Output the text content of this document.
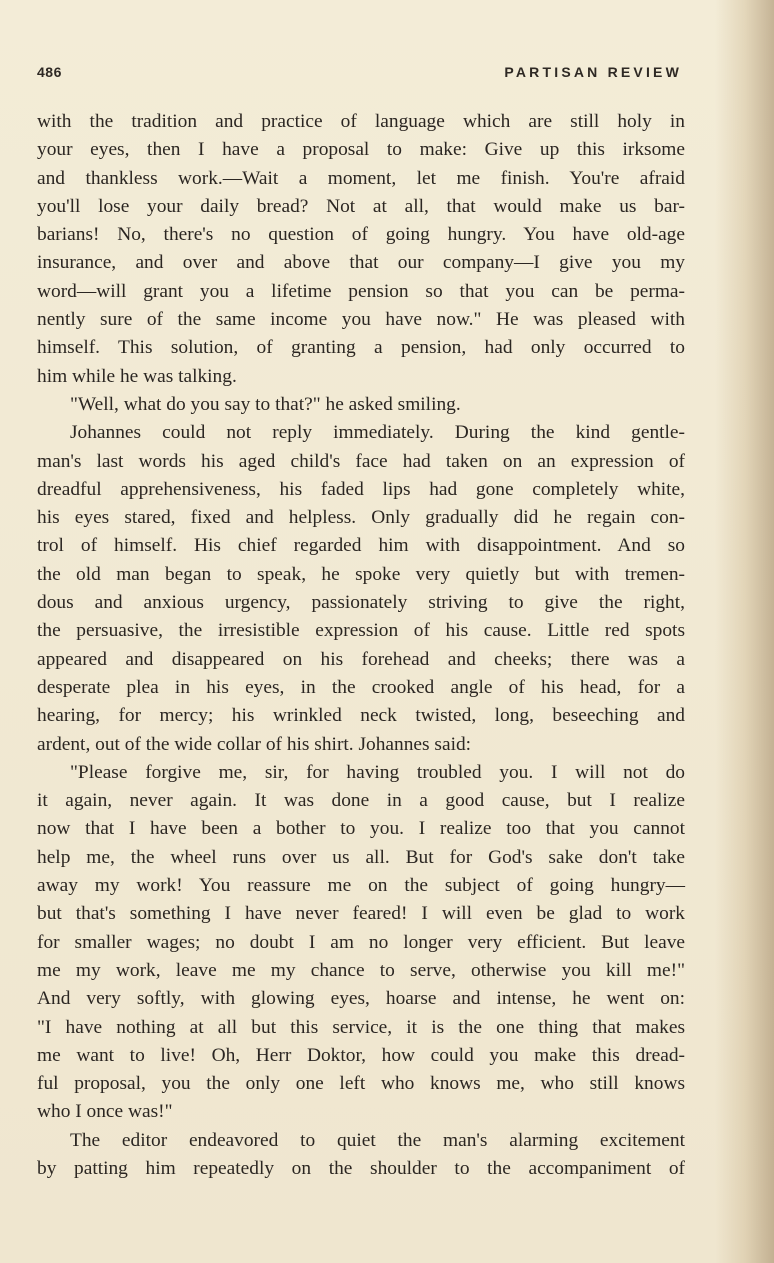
486	PARTISAN REVIEW
with the tradition and practice of language which are still holy in
your eyes, then I have a proposal to make: Give up this irksome
and thankless work.—Wait a moment, let me finish. You're afraid
you'll lose your daily bread? Not at all, that would make us bar-
barians! No, there's no question of going hungry. You have old-age
insurance, and over and above that our company—I give you my
word—will grant you a lifetime pension so that you can be perma-
nently sure of the same income you have now." He was pleased with
himself. This solution, of granting a pension, had only occurred to
him while he was talking.
"Well, what do you say to that?" he asked smiling.
Johannes could not reply immediately. During the kind gentle-
man's last words his aged child's face had taken on an expression of
dreadful apprehensiveness, his faded lips had gone completely white,
his eyes stared, fixed and helpless. Only gradually did he regain con-
trol of himself. His chief regarded him with disappointment. And so
the old man began to speak, he spoke very quietly but with tremen-
dous and anxious urgency, passionately striving to give the right,
the persuasive, the irresistible expression of his cause. Little red spots
appeared and disappeared on his forehead and cheeks; there was a
desperate plea in his eyes, in the crooked angle of his head, for a
hearing, for mercy; his wrinkled neck twisted, long, beseeching and
ardent, out of the wide collar of his shirt. Johannes said:
"Please forgive me, sir, for having troubled you. I will not do
it again, never again. It was done in a good cause, but I realize
now that I have been a bother to you. I realize too that you cannot
help me, the wheel runs over us all. But for God's sake don't take
away my work! You reassure me on the subject of going hungry—
but that's something I have never feared! I will even be glad to work
for smaller wages; no doubt I am no longer very efficient. But leave
me my work, leave me my chance to serve, otherwise you kill me!"
And very softly, with glowing eyes, hoarse and intense, he went on:
"I have nothing at all but this service, it is the one thing that makes
me want to live! Oh, Herr Doktor, how could you make this dread-
ful proposal, you the only one left who knows me, who still knows
who I once was!"
The editor endeavored to quiet the man's alarming excitement
by patting him repeatedly on the shoulder to the accompaniment of
